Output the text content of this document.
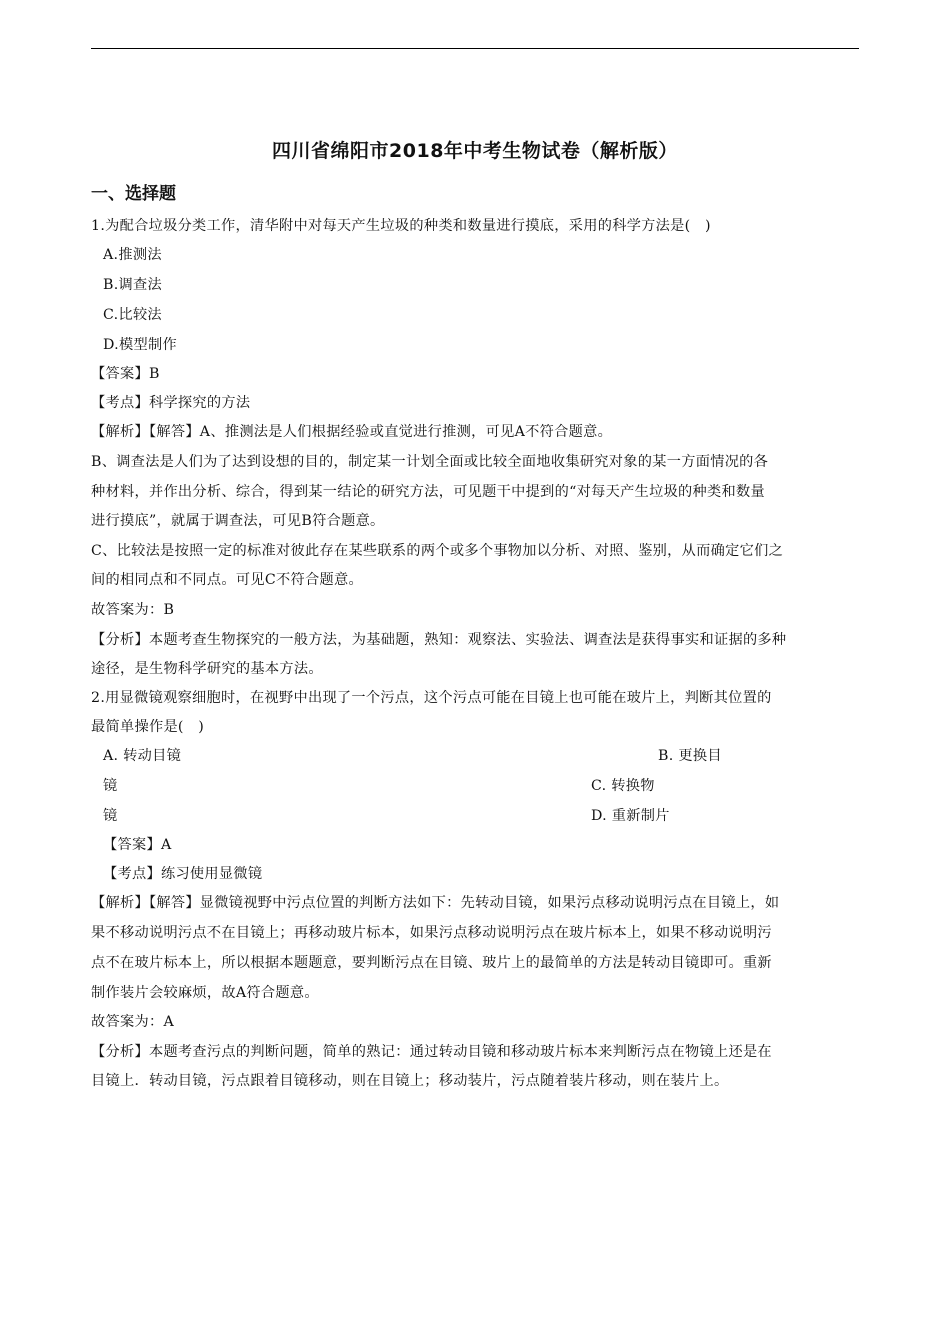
四川省绵阳市2018年中考生物试卷（解析版）
一、选择题
1.为配合垃圾分类工作，清华附中对每天产生垃圾的种类和数量进行摸底，采用的科学方法是(　)
A.推测法
B.调查法
C.比较法
D.模型制作
【答案】B
【考点】科学探究的方法
【解析】【解答】A、推测法是人们根据经验或直觉进行推测，可见A不符合题意。
B、调查法是人们为了达到设想的目的，制定某一计划全面或比较全面地收集研究对象的某一方面情况的各
种材料，并作出分析、综合，得到某一结论的研究方法，可见题干中提到的“对每天产生垃圾的种类和数量
进行摸底”，就属于调查法，可见B符合题意。
C、比较法是按照一定的标准对彼此存在某些联系的两个或多个事物加以分析、对照、鉴别，从而确定它们之
间的相同点和不同点。可见C不符合题意。
故答案为：B
【分析】本题考查生物探究的一般方法，为基础题，熟知：观察法、实验法、调查法是获得事实和证据的多种
途径，是生物科学研究的基本方法。
2.用显微镜观察细胞时，在视野中出现了一个污点，这个污点可能在目镜上也可能在玻片上，判断其位置的
最简单操作是(　)
A. 转动目镜	B. 更换目
镜	C. 转换物
镜	D. 重新制片
【答案】A
【考点】练习使用显微镜
【解析】【解答】显微镜视野中污点位置的判断方法如下：先转动目镜，如果污点移动说明污点在目镜上，如
果不移动说明污点不在目镜上；再移动玻片标本，如果污点移动说明污点在玻片标本上，如果不移动说明污
点不在玻片标本上，所以根据本题题意，要判断污点在目镜、玻片上的最简单的方法是转动目镜即可。重新
制作装片会较麻烦，故A符合题意。
故答案为：A
【分析】本题考查污点的判断问题，简单的熟记：通过转动目镜和移动玻片标本来判断污点在物镜上还是在
目镜上．转动目镜，污点跟着目镜移动，则在目镜上；移动装片，污点随着装片移动，则在装片上。
